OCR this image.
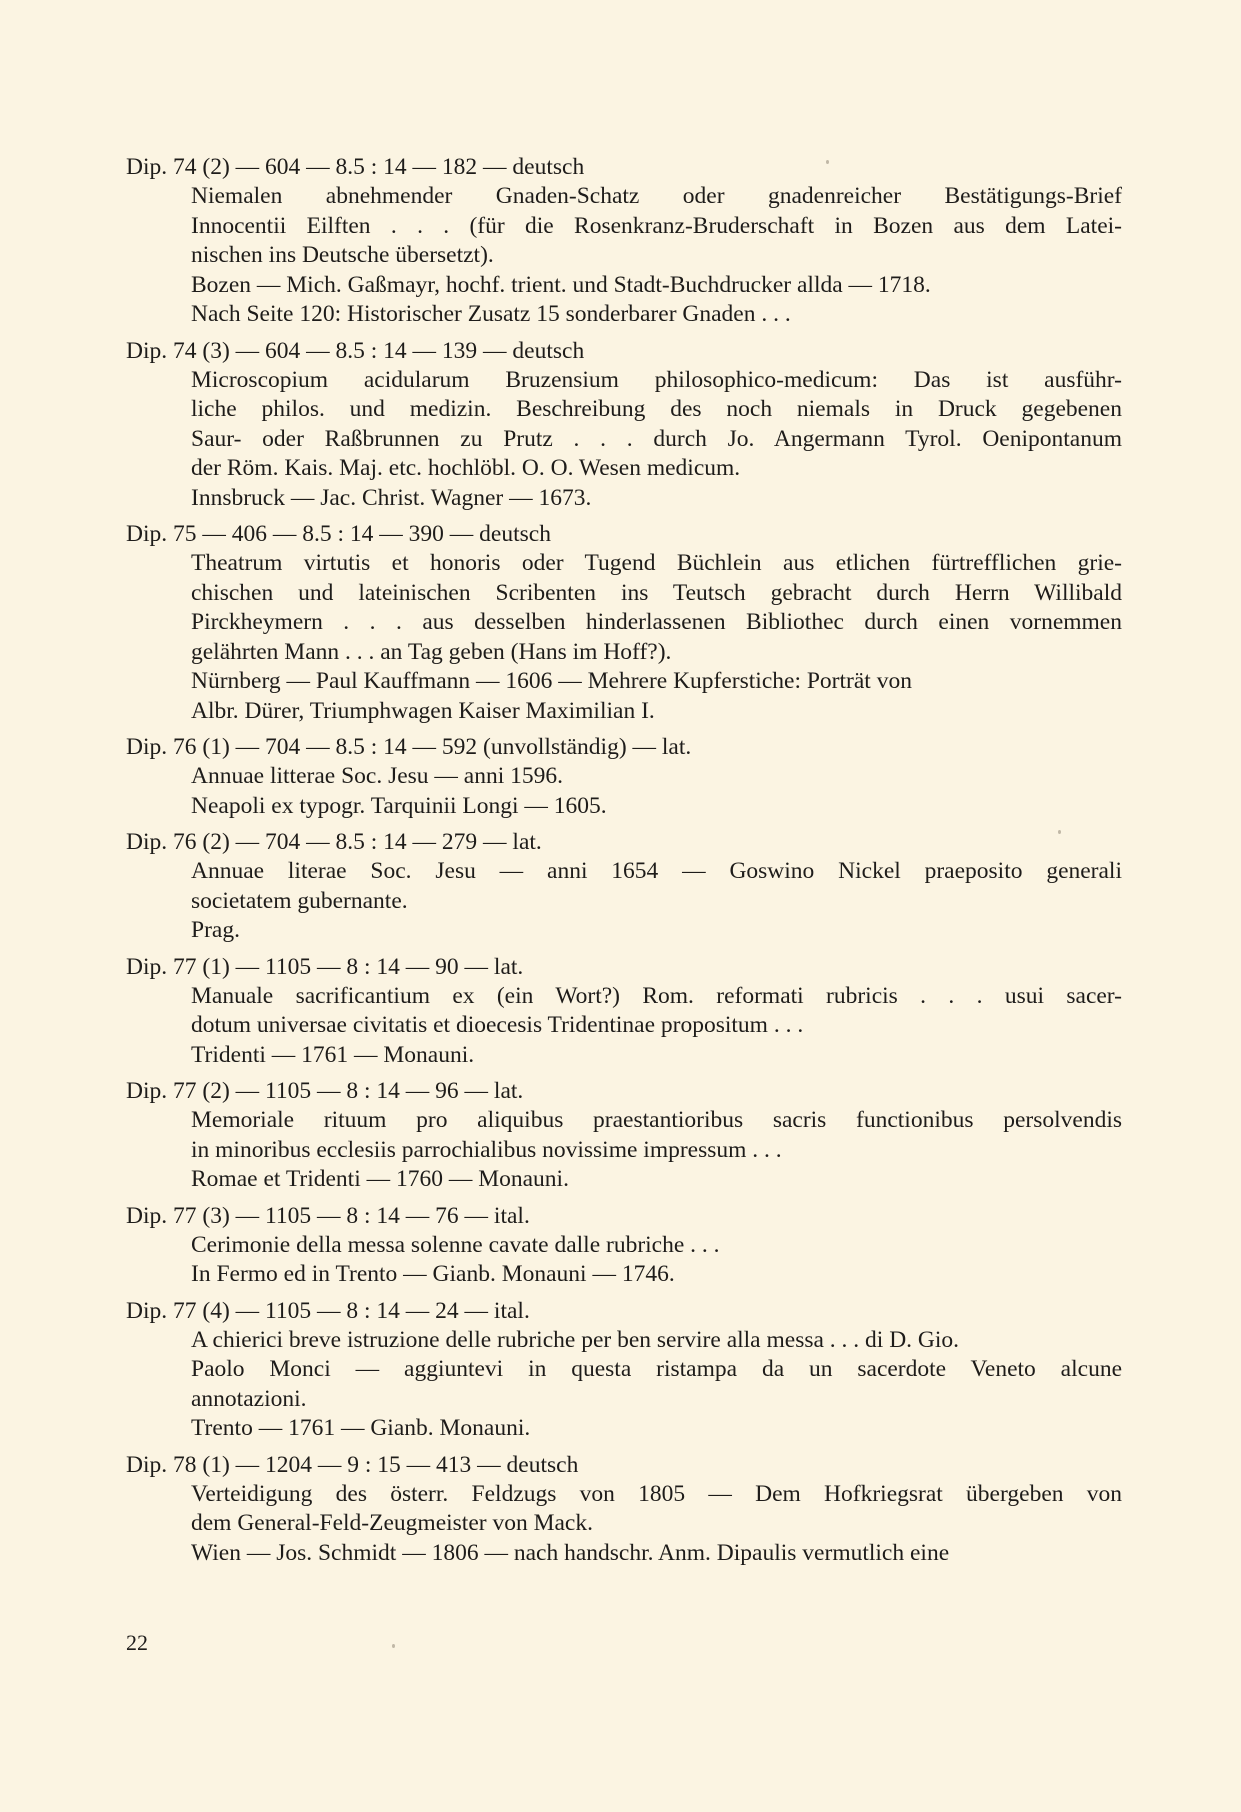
Dip. 74 (2) — 604 — 8.5 : 14 — 182 — deutsch
Niemalen abnehmender Gnaden-Schatz oder gnadenreicher Bestätigungs-Brief
Innocentii Eilften . . . (für die Rosenkranz-Bruderschaft in Bozen aus dem Latei-
nischen ins Deutsche übersetzt).
Bozen — Mich. Gaßmayr, hochf. trient. und Stadt-Buchdrucker allda — 1718.
Nach Seite 120: Historischer Zusatz 15 sonderbarer Gnaden . . .
Dip. 74 (3) — 604 — 8.5 : 14 — 139 — deutsch
Microscopium acidularum Bruzensium philosophico-medicum: Das ist ausführ-
liche philos. und medizin. Beschreibung des noch niemals in Druck gegebenen
Saur- oder Raßbrunnen zu Prutz . . . durch Jo. Angermann Tyrol. Oenipontanum
der Röm. Kais. Maj. etc. hochlöbl. O. O. Wesen medicum.
Innsbruck — Jac. Christ. Wagner — 1673.
Dip. 75 — 406 — 8.5 : 14 — 390 — deutsch
Theatrum virtutis et honoris oder Tugend Büchlein aus etlichen fürtrefflichen grie-
chischen und lateinischen Scribenten ins Teutsch gebracht durch Herrn Willibald
Pirckheymern . . . aus desselben hinderlassenen Bibliothec durch einen vornemmen
gelährten Mann . . . an Tag geben (Hans im Hoff?).
Nürnberg — Paul Kauffmann — 1606 — Mehrere Kupferstiche: Porträt von
Albr. Dürer, Triumphwagen Kaiser Maximilian I.
Dip. 76 (1) — 704 — 8.5 : 14 — 592 (unvollständig) — lat.
Annuae litterae Soc. Jesu — anni 1596.
Neapoli ex typogr. Tarquinii Longi — 1605.
Dip. 76 (2) — 704 — 8.5 : 14 — 279 — lat.
Annuae literae Soc. Jesu — anni 1654 — Goswino Nickel praeposito generali
societatem gubernante.
Prag.
Dip. 77 (1) — 1105 — 8 : 14 — 90 — lat.
Manuale sacrificantium ex (ein Wort?) Rom. reformati rubricis . . . usui sacer-
dotum universae civitatis et dioecesis Tridentinae propositum . . .
Tridenti — 1761 — Monauni.
Dip. 77 (2) — 1105 — 8 : 14 — 96 — lat.
Memoriale rituum pro aliquibus praestantioribus sacris functionibus persolvendis
in minoribus ecclesiis parrochialibus novissime impressum . . .
Romae et Tridenti — 1760 — Monauni.
Dip. 77 (3) — 1105 — 8 : 14 — 76 — ital.
Cerimonie della messa solenne cavate dalle rubriche . . .
In Fermo ed in Trento — Gianb. Monauni — 1746.
Dip. 77 (4) — 1105 — 8 : 14 — 24 — ital.
A chierici breve istruzione delle rubriche per ben servire alla messa . . . di D. Gio.
Paolo Monci — aggiuntevi in questa ristampa da un sacerdote Veneto alcune
annotazioni.
Trento — 1761 — Gianb. Monauni.
Dip. 78 (1) — 1204 — 9 : 15 — 413 — deutsch
Verteidigung des österr. Feldzugs von 1805 — Dem Hofkriegsrat übergeben von
dem General-Feld-Zeugmeister von Mack.
Wien — Jos. Schmidt — 1806 — nach handschr. Anm. Dipaulis vermutlich eine
22
